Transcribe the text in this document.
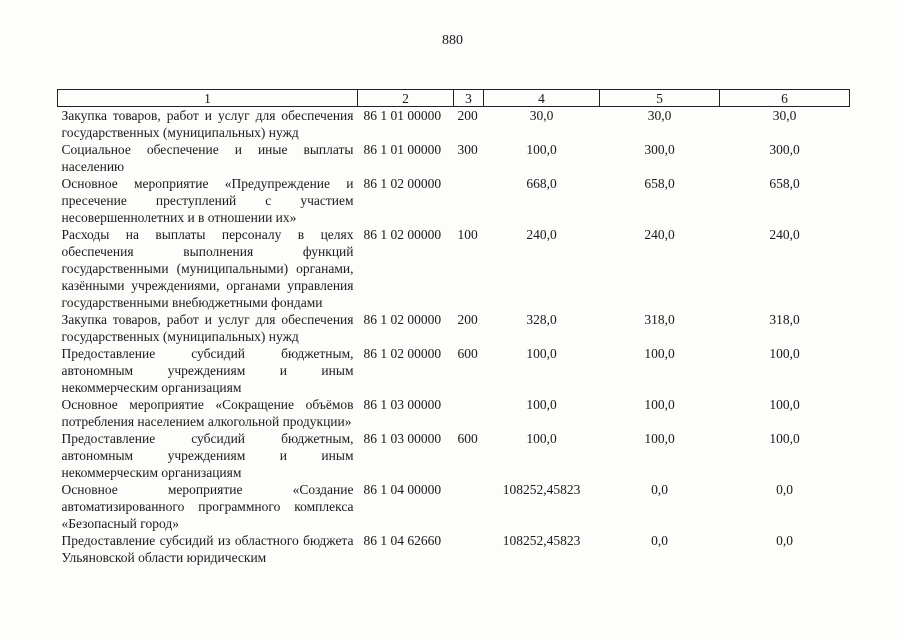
880
1	2	3	4	5	6
Закупка товаров, работ и услуг для обеспечения государственных (муниципальных) нужд	86 1 01 00000	200	30,0	30,0	30,0
Социальное обеспечение и иные выплаты населению	86 1 01 00000	300	100,0	300,0	300,0
Основное мероприятие «Предупреждение и пресечение преступлений с участием несовершеннолетних и в отношении их»	86 1 02 00000		668,0	658,0	658,0
Расходы на выплаты персоналу в целях обеспечения выполнения функций государственными (муниципальными) органами, казёнными учреждениями, органами управления государственными внебюджетными фондами	86 1 02 00000	100	240,0	240,0	240,0
Закупка товаров, работ и услуг для обеспечения государственных (муниципальных) нужд	86 1 02 00000	200	328,0	318,0	318,0
Предоставление субсидий бюджетным, автономным учреждениям и иным некоммерческим организациям	86 1 02 00000	600	100,0	100,0	100,0
Основное мероприятие «Сокращение объёмов потребления населением алкогольной продукции»	86 1 03 00000		100,0	100,0	100,0
Предоставление субсидий бюджетным, автономным учреждениям и иным некоммерческим организациям	86 1 03 00000	600	100,0	100,0	100,0
Основное мероприятие «Создание автоматизированного программного комплекса «Безопасный город»	86 1 04 00000		108252,45823	0,0	0,0
Предоставление субсидий из областного бюджета Ульяновской области юридическим	86 1 04 62660		108252,45823	0,0	0,0
